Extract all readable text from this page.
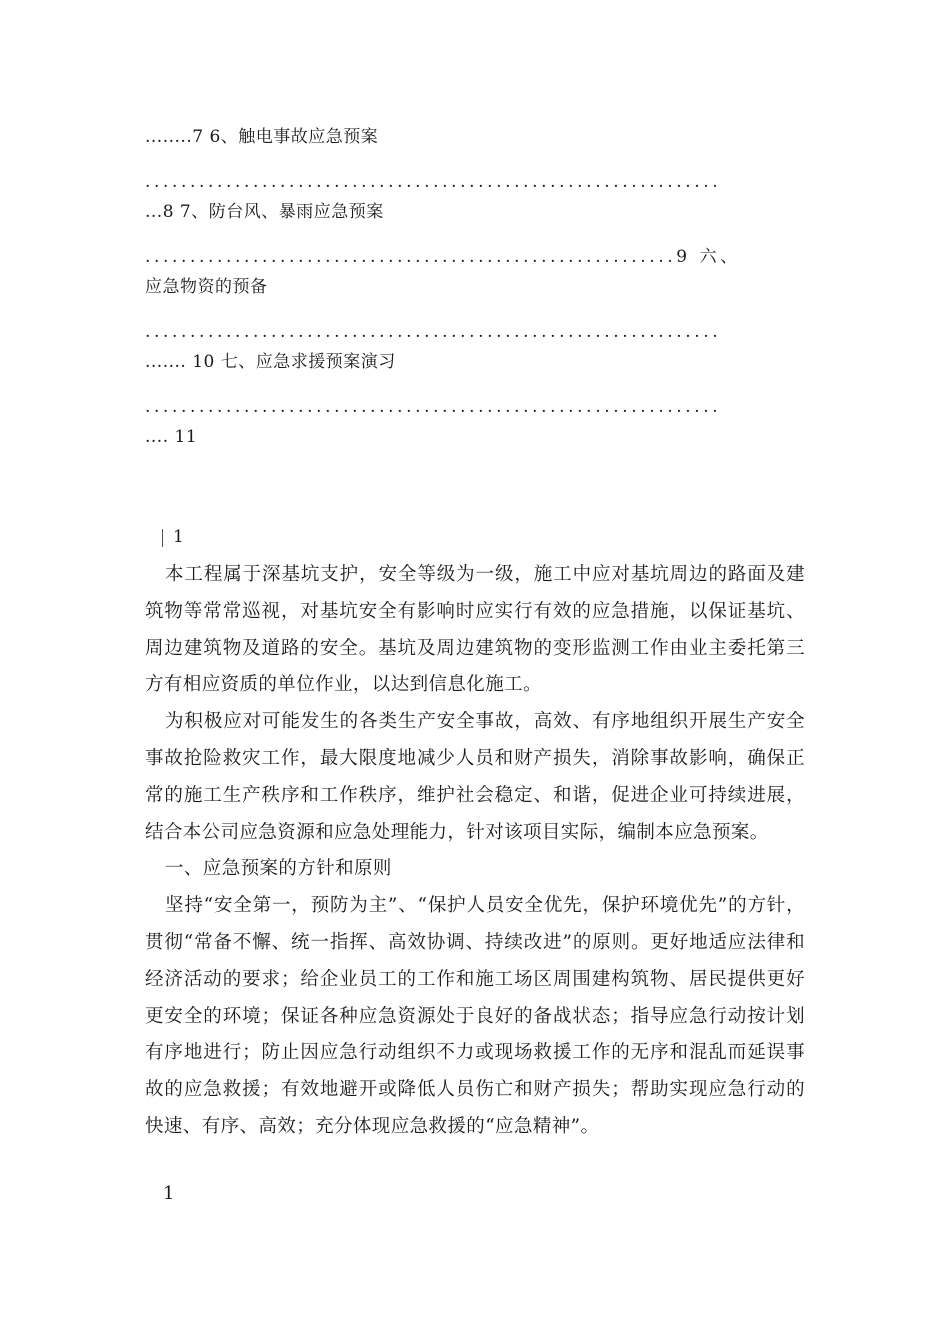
........7 6、触电事故应急预案
................................................................
...8 7、防台风、暴雨应急预案
...........................................................9 六、
应急物资的预备
................................................................
....... 10 七、应急求援预案演习
................................................................
.... 11
1

本工程属于深基坑支护，安全等级为一级，施工中应对基坑周边的路面及建筑物等常常巡视，对基坑安全有影响时应实行有效的应急措施，以保证基坑、周边建筑物及道路的安全。基坑及周边建筑物的变形监测工作由业主委托第三方有相应资质的单位作业，以达到信息化施工。

为积极应对可能发生的各类生产安全事故，高效、有序地组织开展生产安全事故抢险救灾工作，最大限度地减少人员和财产损失，消除事故影响，确保正常的施工生产秩序和工作秩序，维护社会稳定、和谐，促进企业可持续进展，结合本公司应急资源和应急处理能力，针对该项目实际，编制本应急预案。

一、应急预案的方针和原则

坚持“安全第一，预防为主”、“保护人员安全优先，保护环境优先”的方针，贯彻“常备不懈、统一指挥、高效协调、持续改进”的原则。更好地适应法律和经济活动的要求；给企业员工的工作和施工场区周围建构筑物、居民提供更好更安全的环境；保证各种应急资源处于良好的备战状态；指导应急行动按计划有序地进行；防止因应急行动组织不力或现场救援工作的无序和混乱而延误事故的应急救援；有效地避开或降低人员伤亡和财产损失；帮助实现应急行动的快速、有序、高效；充分体现应急救援的“应急精神”。

1
